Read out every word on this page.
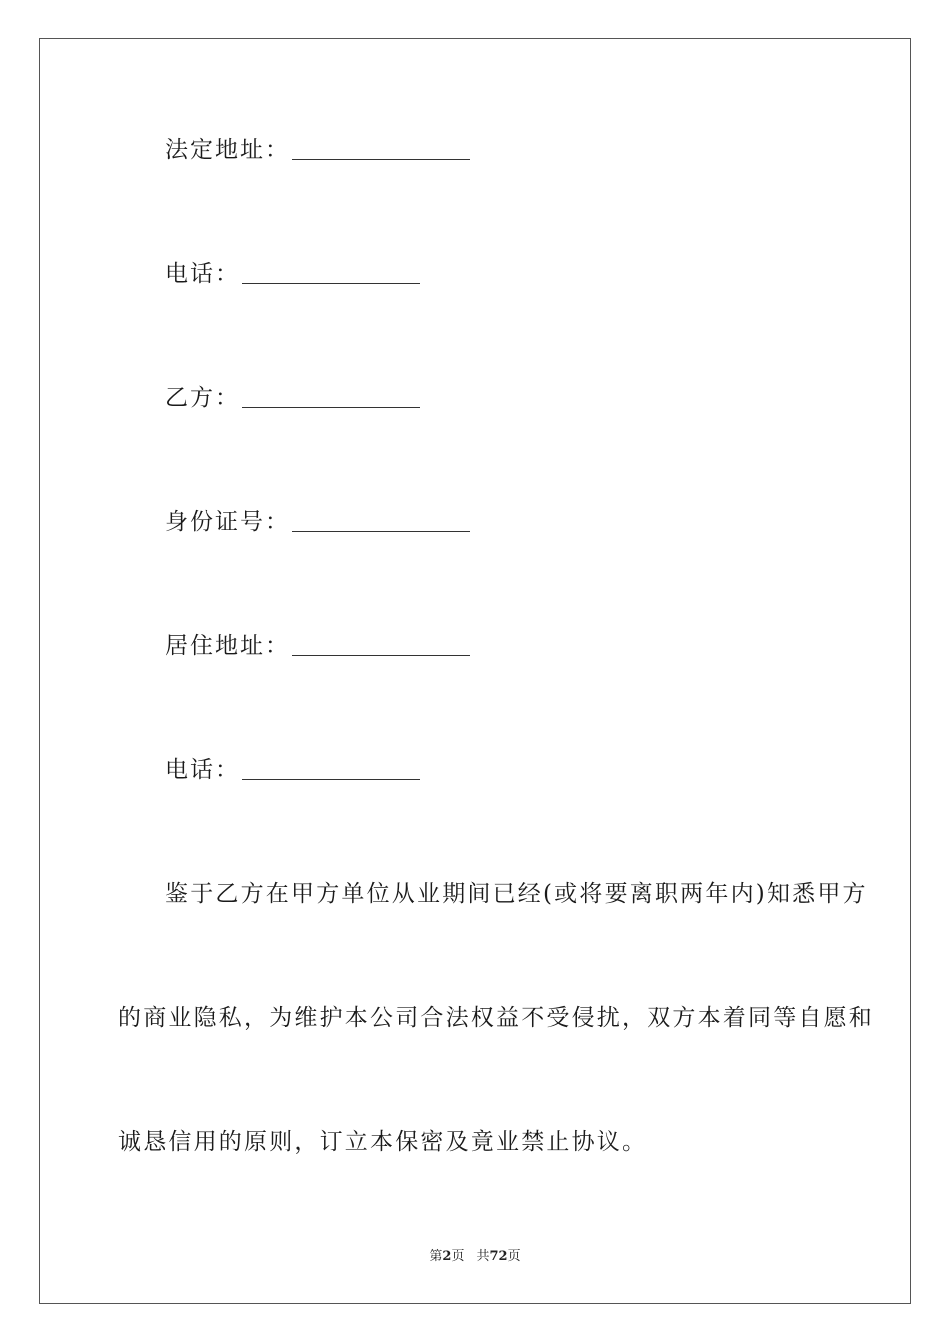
法定地址：
电话：
乙方：
身份证号：
居住地址：
电话：
鉴于乙方在甲方单位从业期间已经(或将要离职两年内)知悉甲方
的商业隐私，为维护本公司合法权益不受侵扰，双方本着同等自愿和
诚恳信用的原则，订立本保密及竟业禁止协议。
第2页 共72页
